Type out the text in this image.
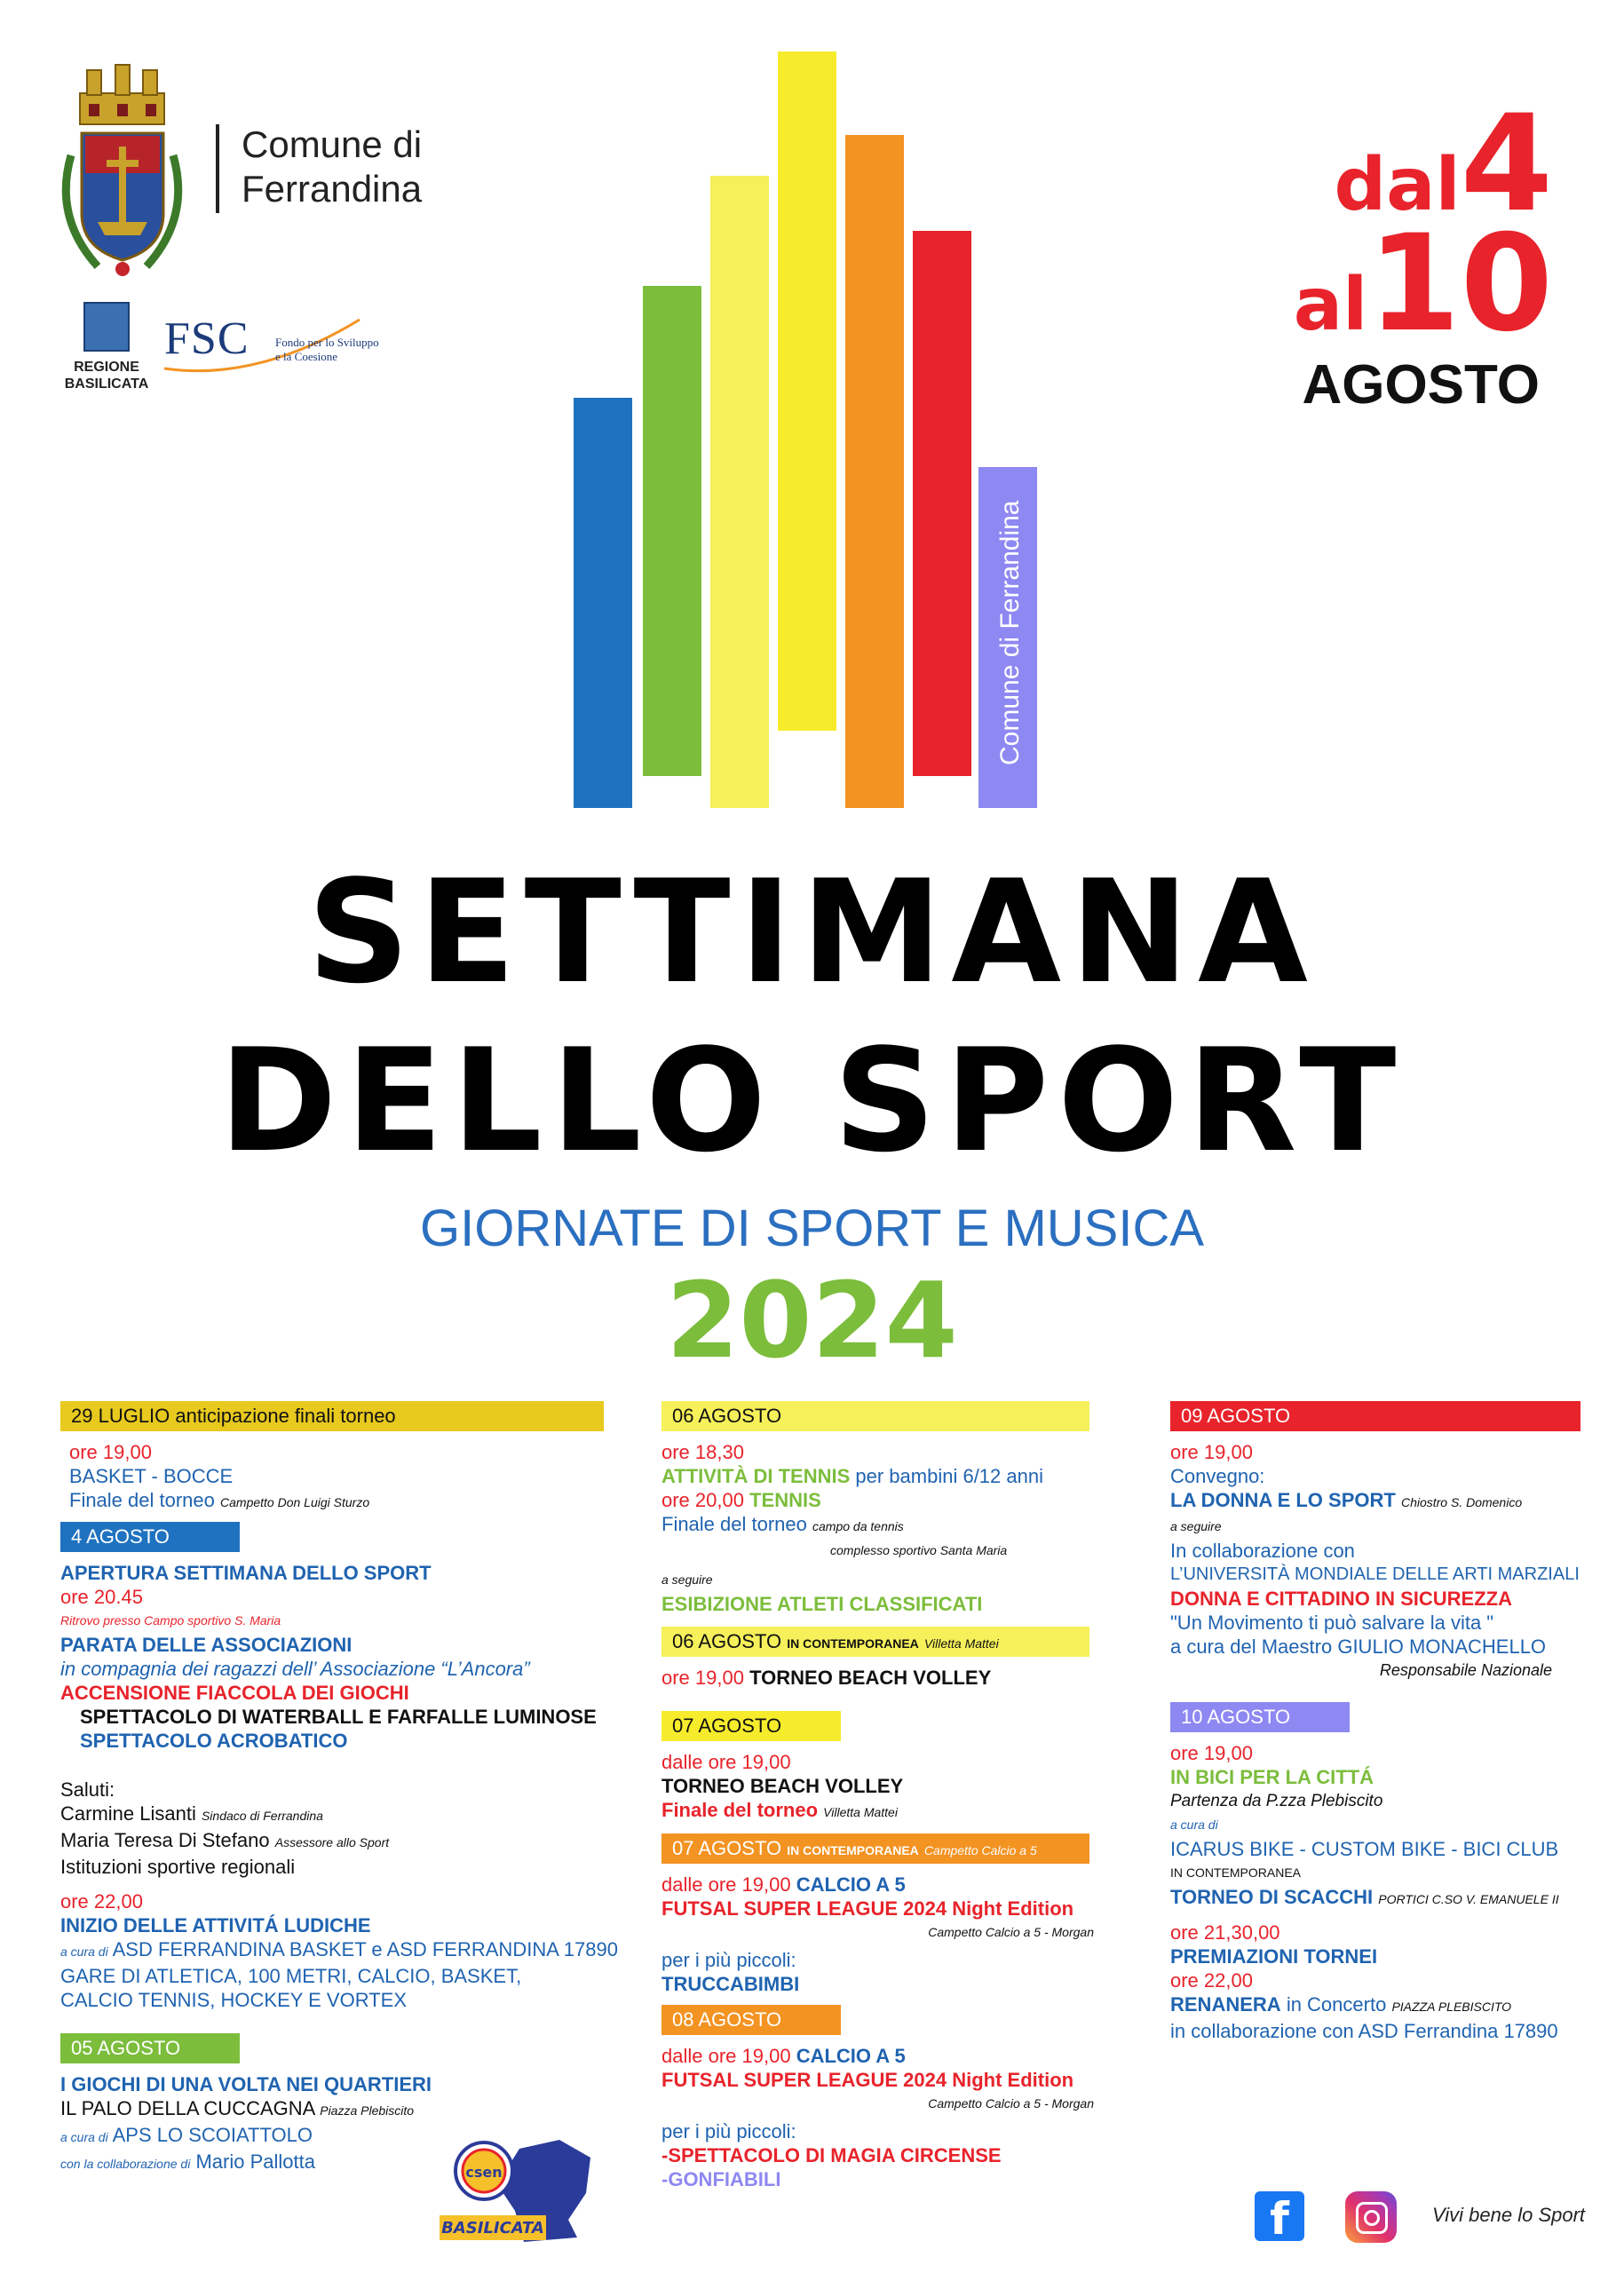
Comune di
Ferrandina
REGIONE
BASILICATA
FSC Fondo per lo Sviluppo
e la Coesione
dal4
al10
AGOSTO
Comune di Ferrandina
SETTIMANA
DELLO SPORT
GIORNATE DI SPORT E MUSICA
2024
29 LUGLIO anticipazione finali torneo
ore 19,00
BASKET - BOCCE
Finale del torneo Campetto Don Luigi Sturzo
4 AGOSTO
APERTURA SETTIMANA DELLO SPORT
ore 20.45
Ritrovo presso Campo sportivo S. Maria
PARATA DELLE ASSOCIAZIONI
in compagnia dei ragazzi dell’ Associazione “L’Ancora”
ACCENSIONE FIACCOLA DEI GIOCHI
SPETTACOLO DI WATERBALL E FARFALLE LUMINOSE
SPETTACOLO ACROBATICO
Saluti:
Carmine Lisanti Sindaco di Ferrandina
Maria Teresa Di Stefano Assessore allo Sport
Istituzioni sportive regionali
ore 22,00
INIZIO DELLE ATTIVITÁ LUDICHE
a cura di ASD FERRANDINA BASKET e ASD FERRANDINA 17890
GARE DI ATLETICA, 100 METRI, CALCIO, BASKET,
CALCIO TENNIS, HOCKEY E VORTEX
05 AGOSTO
I GIOCHI DI UNA VOLTA NEI QUARTIERI
IL PALO DELLA CUCCAGNA Piazza Plebiscito
a cura di APS LO SCOIATTOLO
con la collaborazione di Mario Pallotta
06 AGOSTO
ore 18,30
ATTIVITÀ DI TENNIS per bambini 6/12 anni
ore 20,00 TENNIS
Finale del torneo campo da tennis
complesso sportivo Santa Maria
a seguire
ESIBIZIONE ATLETI CLASSIFICATI
06 AGOSTO IN CONTEMPORANEA Villetta Mattei
ore 19,00 TORNEO BEACH VOLLEY
07 AGOSTO
dalle ore 19,00
TORNEO BEACH VOLLEY
Finale del torneo Villetta Mattei
07 AGOSTO IN CONTEMPORANEA Campetto Calcio a 5
dalle ore 19,00 CALCIO A 5
FUTSAL SUPER LEAGUE 2024 Night Edition
Campetto Calcio a 5 - Morgan
per i più piccoli:
TRUCCABIMBI
08 AGOSTO
dalle ore 19,00 CALCIO A 5
FUTSAL SUPER LEAGUE 2024 Night Edition
Campetto Calcio a 5 - Morgan
per i più piccoli:
-SPETTACOLO DI MAGIA CIRCENSE
-GONFIABILI
09 AGOSTO
ore 19,00
Convegno:
LA DONNA E LO SPORT Chiostro S. Domenico
a seguire
In collaborazione con
L’UNIVERSITÀ MONDIALE DELLE ARTI MARZIALI
DONNA E CITTADINO IN SICUREZZA
"Un Movimento ti può salvare la vita "
a cura del Maestro GIULIO MONACHELLO
Responsabile Nazionale
10 AGOSTO
ore 19,00
IN BICI PER LA CITTÁ
Partenza da P.zza Plebiscito
a cura di
ICARUS BIKE - CUSTOM BIKE - BICI CLUB
IN CONTEMPORANEA
TORNEO DI SCACCHI PORTICI C.SO V. EMANUELE II
ore 21,30,00
PREMIAZIONI TORNEI
ore 22,00
RENANERA in Concerto PIAZZA PLEBISCITO
in collaborazione con ASD Ferrandina 17890
csen
BASILICATA	f	Vivi bene lo Sport
